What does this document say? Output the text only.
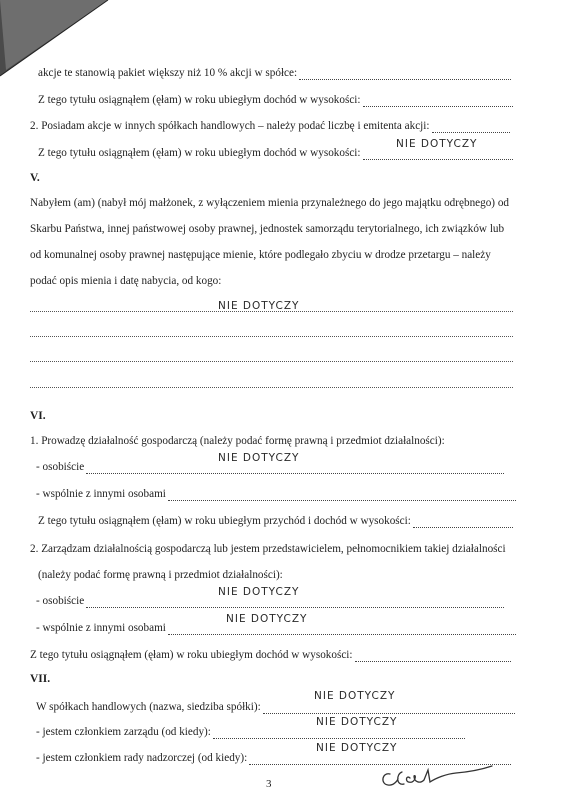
akcje te stanowią pakiet większy niż 10 % akcji w spółce:
Z tego tytułu osiągnąłem (ęłam) w roku ubiegłym dochód w wysokości:
2. Posiadam akcje w innych spółkach handlowych – należy podać liczbę i emitenta akcji:
Z tego tytułu osiągnąłem (ęłam) w roku ubiegłym dochód w wysokości:
NIE DOTYCZY
V.
Nabyłem (am) (nabył mój małżonek, z wyłączeniem mienia przynależnego do jego majątku odrębnego) od
Skarbu Państwa, innej państwowej osoby prawnej, jednostek samorządu terytorialnego, ich związków lub
od komunalnej osoby prawnej następujące mienie, które podlegało zbyciu w drodze przetargu – należy
podać opis mienia i datę nabycia, od kogo:
NIE DOTYCZY
VI.
1. Prowadzę działalność gospodarczą (należy podać formę prawną i przedmiot działalności):
- osobiście
NIE DOTYCZY
- wspólnie z innymi osobami
Z tego tytułu osiągnąłem (ęłam) w roku ubiegłym przychód i dochód w wysokości:
2. Zarządzam działalnością gospodarczą lub jestem przedstawicielem, pełnomocnikiem takiej działalności
(należy podać formę prawną i przedmiot działalności):
- osobiście
NIE DOTYCZY
- wspólnie z innymi osobami
NIE DOTYCZY
Z tego tytułu osiągnąłem (ęłam) w roku ubiegłym dochód w wysokości:
VII.
W spółkach handlowych (nazwa, siedziba spółki):
NIE DOTYCZY
- jestem członkiem zarządu (od kiedy):
NIE DOTYCZY
- jestem członkiem rady nadzorczej (od kiedy):
NIE DOTYCZY
3
